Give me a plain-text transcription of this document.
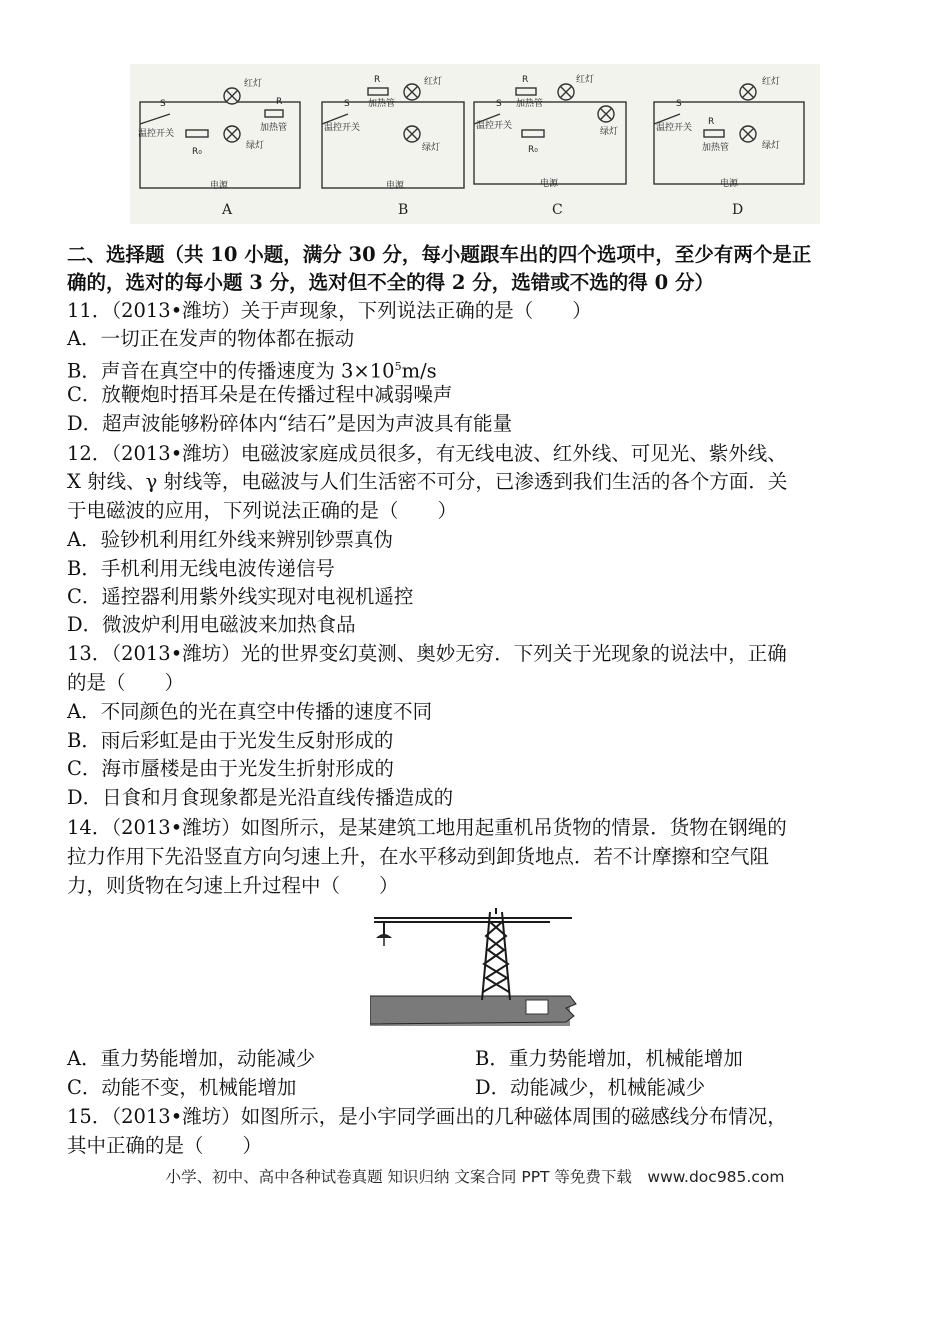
S
温控开关
红灯
绿灯
R
加热管
R₀
电源
S
温控开关
R
加热管
红灯
绿灯
电源
S
温控开关
R
加热管
红灯
绿灯
R₀
电源
S
温控开关
红灯
R
加热管	绿灯
电源
A	B	C	D
二、选择题（共 10 小题，满分 30 分，每小题跟车出的四个选项中，至少有两个是正
确的，选对的每小题 3 分，选对但不全的得 2 分，选错或不选的得 0 分）
11．（2013•潍坊）关于声现象，下列说法正确的是（　　）
A．一切正在发声的物体都在振动
B．声音在真空中的传播速度为 $3\times 10^5m/s$
C．放鞭炮时捂耳朵是在传播过程中减弱噪声
D．超声波能够粉碎体内“结石”是因为声波具有能量
12．（2013•潍坊）电磁波家庭成员很多，有无线电波、红外线、可见光、紫外线、
X 射线、γ 射线等，电磁波与人们生活密不可分，已渗透到我们生活的各个方面．关
于电磁波的应用，下列说法正确的是（　　）
A．验钞机利用红外线来辨别钞票真伪
B．手机利用无线电波传递信号
C．遥控器利用紫外线实现对电视机遥控
D．微波炉利用电磁波来加热食品
13．（2013•潍坊）光的世界变幻莫测、奥妙无穷．下列关于光现象的说法中，正确
的是（　　）
A．不同颜色的光在真空中传播的速度不同
B．雨后彩虹是由于光发生反射形成的
C．海市蜃楼是由于光发生折射形成的
D．日食和月食现象都是光沿直线传播造成的
14．（2013•潍坊）如图所示，是某建筑工地用起重机吊货物的情景．货物在钢绳的
拉力作用下先沿竖直方向匀速上升，在水平移动到卸货地点．若不计摩擦和空气阻
力，则货物在匀速上升过程中（　　）
A．重力势能增加，动能减少	B．重力势能增加，机械能增加
C．动能不变，机械能增加	D．动能减少，机械能减少
15．（2013•潍坊）如图所示，是小宇同学画出的几种磁体周围的磁感线分布情况，
其中正确的是（　　）
小学、初中、高中各种试卷真题 知识归纳 文案合同 PPT 等免费下载　www.doc985.com
